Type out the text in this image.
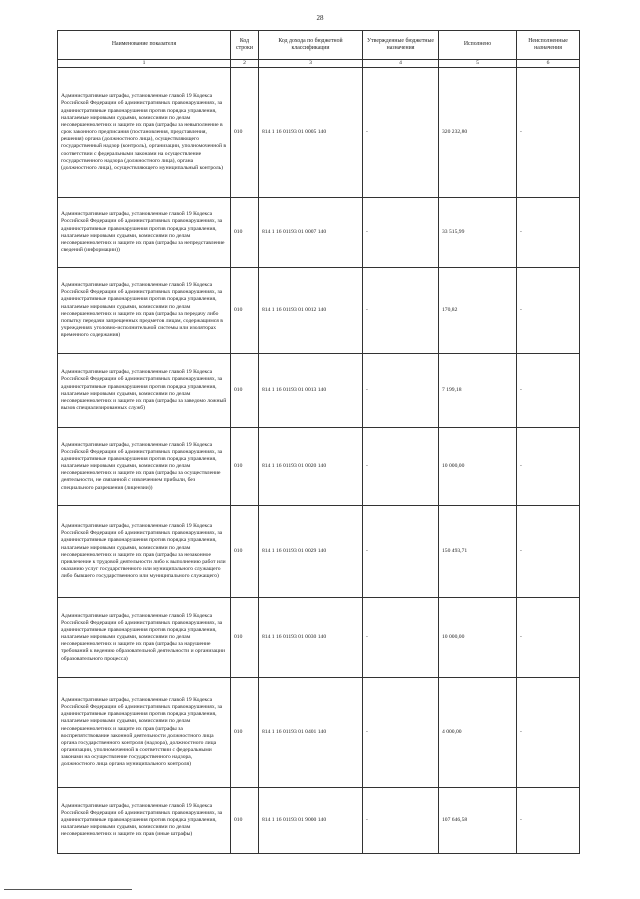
28
Наименование показателя	Код строки	Код дохода по бюджетной классификации	Утвержденные бюджетные назначения	Исполнено	Неисполненные назначения
1	2	3	4	5	6
Административные штрафы, установленные главой 19 Кодекса Российской Федерации об административных правонарушениях, за административные правонарушения против порядка управления, налагаемые мировыми судьями, комиссиями по делам несовершеннолетних и защите их прав (штрафы за невыполнение в срок законного предписания (постановления, представления, решения) органа (должностного лица), осуществляющего государственный надзор (контроль), организации, уполномоченной в соответствии с федеральными законами на осуществление государственного надзора (должностного лица), органа (должностного лица), осуществляющего муниципальный контроль)	010	814 1 16 01193 01 0005 140	-	320 232,80	-
Административные штрафы, установленные главой 19 Кодекса Российской Федерации об административных правонарушениях, за административные правонарушения против порядка управления, налагаемые мировыми судьями, комиссиями по делам несовершеннолетних и защите их прав (штрафы за непредставление сведений (информации))	010	814 1 16 01193 01 0007 140	-	33 515,99	-
Административные штрафы, установленные главой 19 Кодекса Российской Федерации об административных правонарушениях, за административные правонарушения против порядка управления, налагаемые мировыми судьями, комиссиями по делам несовершеннолетних и защите их прав (штрафы за передачу либо попытку передачи запрещенных предметов лицам, содержащимся в учреждениях уголовно-исполнительной системы или изоляторах временного содержания)	010	814 1 16 01193 01 0012 140	-	170,82	-
Административные штрафы, установленные главой 19 Кодекса Российской Федерации об административных правонарушениях, за административные правонарушения против порядка управления, налагаемые мировыми судьями, комиссиями по делам несовершеннолетних и защите их прав (штрафы за заведомо ложный вызов специализированных служб)	010	814 1 16 01193 01 0013 140	-	7 199,18	-
Административные штрафы, установленные главой 19 Кодекса Российской Федерации об административных правонарушениях, за административные правонарушения против порядка управления, налагаемые мировыми судьями, комиссиями по делам несовершеннолетних и защите их прав (штрафы за осуществление деятельности, не связанной с извлечением прибыли, без специального разрешения (лицензии))	010	814 1 16 01193 01 0020 140	-	10 000,00	-
Административные штрафы, установленные главой 19 Кодекса Российской Федерации об административных правонарушениях, за административные правонарушения против порядка управления, налагаемые мировыми судьями, комиссиями по делам несовершеннолетних и защите их прав (штрафы за незаконное привлечение к трудовой деятельности либо к выполнению работ или оказанию услуг государственного или муниципального служащего либо бывшего государственного или муниципального служащего)	010	814 1 16 01193 01 0029 140	-	150 493,71	-
Административные штрафы, установленные главой 19 Кодекса Российской Федерации об административных правонарушениях, за административные правонарушения против порядка управления, налагаемые мировыми судьями, комиссиями по делам несовершеннолетних и защите их прав (штрафы за нарушение требований к ведению образовательной деятельности и организации образовательного процесса)	010	814 1 16 01193 01 0030 140	-	10 000,00	-
Административные штрафы, установленные главой 19 Кодекса Российской Федерации об административных правонарушениях, за административные правонарушения против порядка управления, налагаемые мировыми судьями, комиссиями по делам несовершеннолетних и защите их прав (штрафы за воспрепятствование законной деятельности должностного лица органа государственного контроля (надзора), должностного лица организации, уполномоченной в соответствии с федеральными законами на осуществление государственного надзора, должностного лица органа муниципального контроля)	010	814 1 16 01193 01 0401 140	-	4 000,00	-
Административные штрафы, установленные главой 19 Кодекса Российской Федерации об административных правонарушениях, за административные правонарушения против порядка управления, налагаемые мировыми судьями, комиссиями по делам несовершеннолетних и защите их прав (иные штрафы)	010	814 1 16 01193 01 9000 140	-	107 646,58	-
